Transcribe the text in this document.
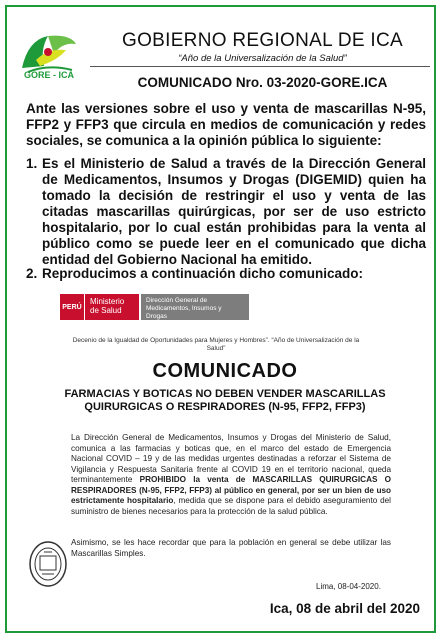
GORE - ICA
GOBIERNO REGIONAL DE ICA
“Año de la Universalización de la Salud”
COMUNICADO Nro. 03-2020-GORE.ICA
Ante las versiones sobre el uso y venta de mascarillas N-95, FFP2 y FFP3 que circula en medios de comunicación y redes sociales, se comunica a la opinión pública lo siguiente:
1. Es el Ministerio de Salud a través de la Dirección General de Medicamentos, Insumos y Drogas (DIGEMID) quien ha tomado la decisión de restringir el uso y venta de las citadas mascarillas quirúrgicas, por ser de uso estricto hospitalario, por lo cual están prohibidas para la venta al público como se puede leer en el comunicado que dicha entidad del Gobierno Nacional ha emitido.
2. Reproducimos a continuación dicho comunicado:
PERÚ
Ministerio de Salud
Dirección General de Medicamentos, Insumos y Drogas
Decenio de la Igualdad de Oportunidades para Mujeres y Hombres”. “Año de Universalización de la Salud”
COMUNICADO
FARMACIAS Y BOTICAS NO DEBEN VENDER MASCARILLAS QUIRURGICAS O RESPIRADORES (N-95, FFP2, FFP3)
La Dirección General de Medicamentos, Insumos y Drogas del Ministerio de Salud, comunica a las farmacias y boticas que, en el marco del estado de Emergencia Nacional COVID – 19 y de las medidas urgentes destinadas a reforzar el Sistema de Vigilancia y Respuesta Sanitaria frente al COVID 19 en el territorio nacional, queda terminantemente PROHIBIDO la venta de MASCARILLAS QUIRURGICAS O RESPIRADORES (N-95, FFP2, FFP3) al público en general, por ser un bien de uso estrictamente hospitalario, medida que se dispone para el debido aseguramiento del suministro de bienes necesarios para la protección de la salud pública.
Asimismo, se les hace recordar que para la población en general se debe utilizar las Mascarillas Simples.
Lima, 08-04-2020.
Ica, 08 de abril del 2020
